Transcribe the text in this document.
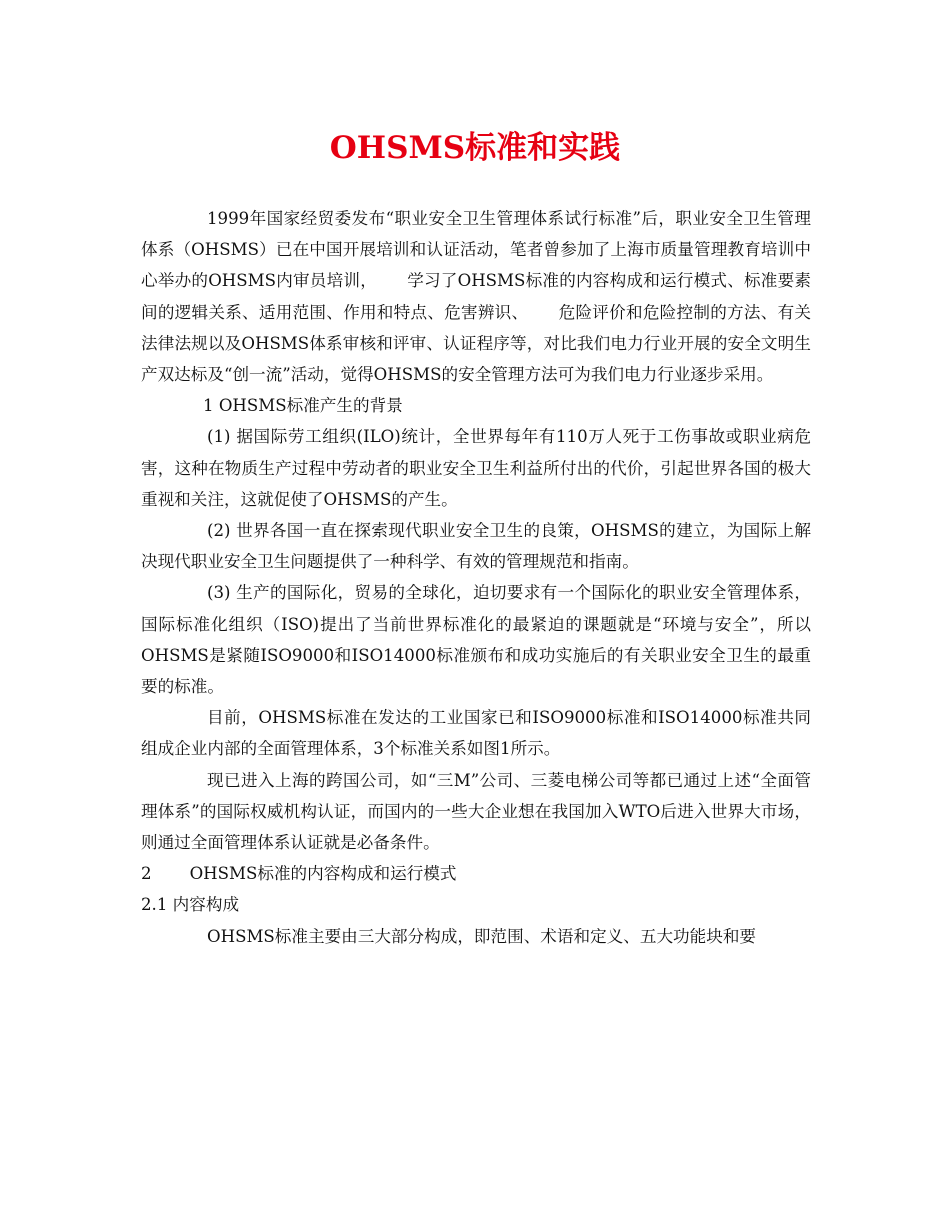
OHSMS标准和实践

1999年国家经贸委发布“职业安全卫生管理体系试行标准”后，职业安全卫生管理体系（OHSMS）已在中国开展培训和认证活动，笔者曾参加了上海市质量管理教育培训中心举办的OHSMS内审员培训， 学习了OHSMS标准的内容构成和运行模式、标准要素间的逻辑关系、适用范围、作用和特点、危害辨识、 危险评价和危险控制的方法、有关法律法规以及OHSMS体系审核和评审、认证程序等，对比我们电力行业开展的安全文明生产双达标及“创一流”活动，觉得OHSMS的安全管理方法可为我们电力行业逐步采用。

1 OHSMS标准产生的背景

(1) 据国际劳工组织(ILO)统计，全世界每年有110万人死于工伤事故或职业病危害，这种在物质生产过程中劳动者的职业安全卫生利益所付出的代价，引起世界各国的极大重视和关注，这就促使了OHSMS的产生。

(2) 世界各国一直在探索现代职业安全卫生的良策，OHSMS的建立，为国际上解决现代职业安全卫生问题提供了一种科学、有效的管理规范和指南。

(3) 生产的国际化，贸易的全球化，迫切要求有一个国际化的职业安全管理体系，国际标准化组织（ISO)提出了当前世界标准化的最紧迫的课题就是“环境与安全”，所以OHSMS是紧随ISO9000和ISO14000标准颁布和成功实施后的有关职业安全卫生的最重要的标准。

目前，OHSMS标准在发达的工业国家已和ISO9000标准和ISO14000标准共同组成企业内部的全面管理体系，3个标准关系如图1所示。

现已进入上海的跨国公司，如“三M”公司、三菱电梯公司等都已通过上述“全面管理体系”的国际权威机构认证，而国内的一些大企业想在我国加入WTO后进入世界大市场，则通过全面管理体系认证就是必备条件。

2 OHSMS标准的内容构成和运行模式

2.1 内容构成

OHSMS标准主要由三大部分构成，即范围、术语和定义、五大功能块和要
